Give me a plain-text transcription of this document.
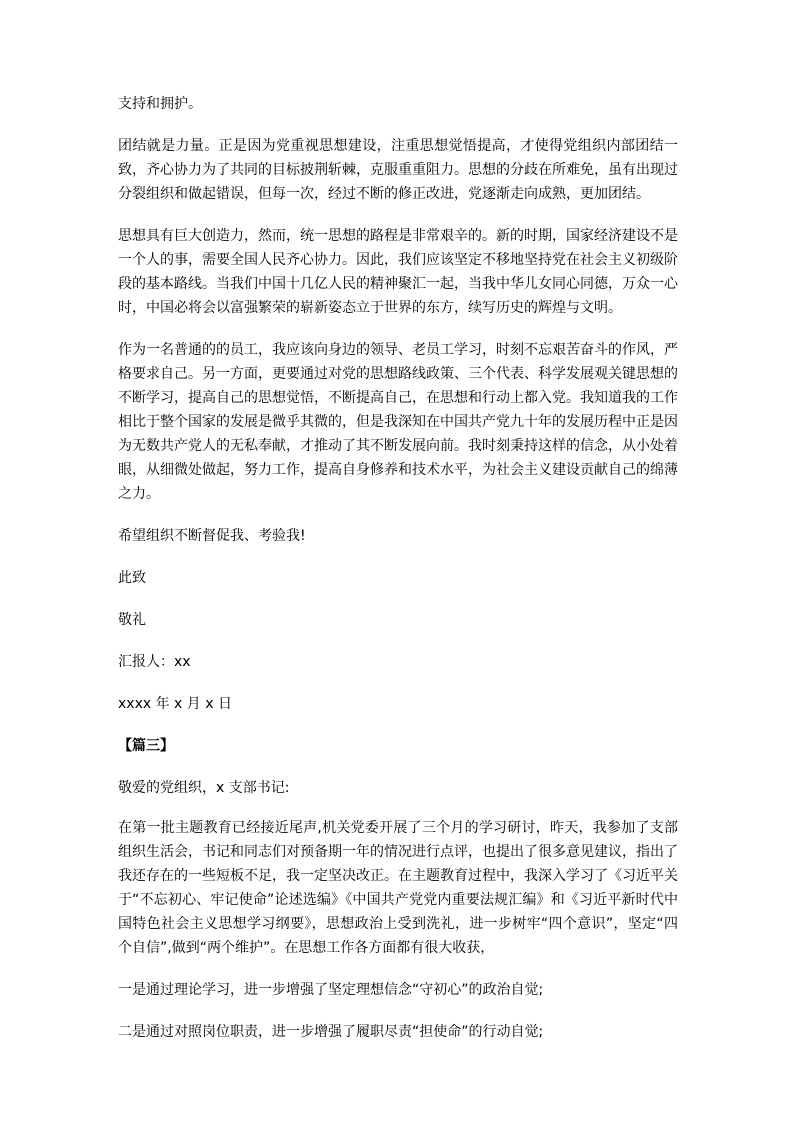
支持和拥护。

团结就是力量。正是因为党重视思想建设，注重思想觉悟提高，才使得党组织内部团结一致，齐心协力为了共同的目标披荆斩棘，克服重重阻力。思想的分歧在所难免，虽有出现过分裂组织和做起错误，但每一次，经过不断的修正改进，党逐渐走向成熟，更加团结。

思想具有巨大创造力，然而，统一思想的路程是非常艰辛的。新的时期，国家经济建设不是一个人的事，需要全国人民齐心协力。因此，我们应该坚定不移地坚持党在社会主义初级阶段的基本路线。当我们中国十几亿人民的精神聚汇一起，当我中华儿女同心同德，万众一心时，中国必将会以富强繁荣的崭新姿态立于世界的东方，续写历史的辉煌与文明。

作为一名普通的的员工，我应该向身边的领导、老员工学习，时刻不忘艰苦奋斗的作风，严格要求自己。另一方面，更要通过对党的思想路线政策、三个代表、科学发展观关键思想的不断学习，提高自己的思想觉悟，不断提高自己，在思想和行动上都入党。我知道我的工作相比于整个国家的发展是微乎其微的，但是我深知在中国共产党九十年的发展历程中正是因为无数共产党人的无私奉献，才推动了其不断发展向前。我时刻秉持这样的信念，从小处着眼，从细微处做起，努力工作，提高自身修养和技术水平，为社会主义建设贡献自己的绵薄之力。

希望组织不断督促我、考验我!

此致

敬礼

汇报人：xx

xxxx 年 x 月 x 日

【篇三】

敬爱的党组织，x 支部书记:

在第一批主题教育已经接近尾声,机关党委开展了三个月的学习研讨，昨天，我参加了支部组织生活会，书记和同志们对预备期一年的情况进行点评，也提出了很多意见建议，指出了我还存在的一些短板不足，我一定坚决改正。在主题教育过程中，我深入学习了《习近平关于“不忘初心、牢记使命”论述选编》《中国共产党党内重要法规汇编》和《习近平新时代中国特色社会主义思想学习纲要》，思想政治上受到洗礼，进一步树牢“四个意识”，坚定“四个自信”,做到“两个维护”。在思想工作各方面都有很大收获，

一是通过理论学习，进一步增强了坚定理想信念“守初心”的政治自觉;

二是通过对照岗位职责，进一步增强了履职尽责“担使命”的行动自觉;
